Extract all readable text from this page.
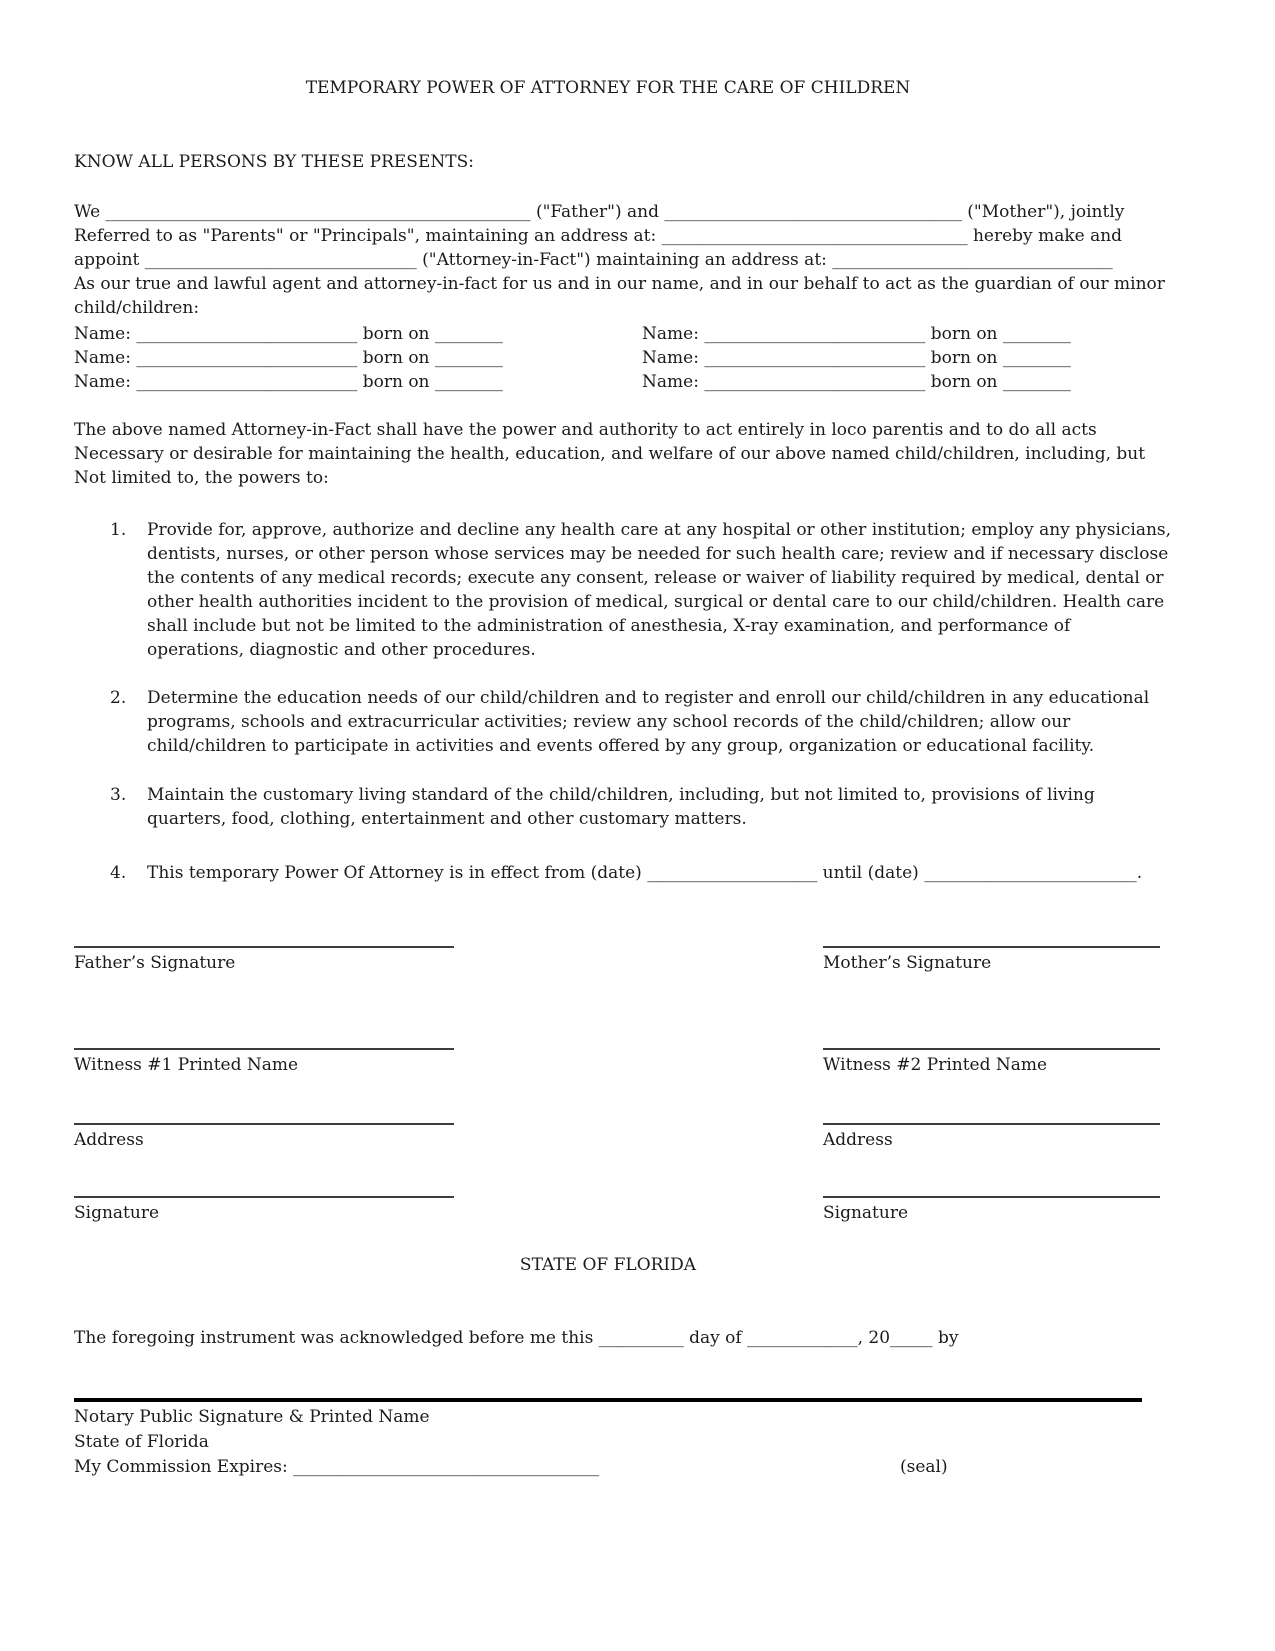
TEMPORARY POWER OF ATTORNEY FOR THE CARE OF CHILDREN
KNOW ALL PERSONS BY THESE PRESENTS:
We __________________________________________________ ("Father") and ___________________________________ ("Mother"), jointly
Referred to as "Parents" or "Principals", maintaining an address at: ____________________________________ hereby make and
appoint ________________________________ ("Attorney-in-Fact") maintaining an address at: _________________________________
As our true and lawful agent and attorney-in-fact for us and in our name, and in our behalf to act as the guardian of our minor
child/children:
Name: __________________________ born on ________	Name: __________________________ born on ________
Name: __________________________ born on ________	Name: __________________________ born on ________
Name: __________________________ born on ________	Name: __________________________ born on ________
The above named Attorney-in-Fact shall have the power and authority to act entirely in loco parentis and to do all acts
Necessary or desirable for maintaining the health, education, and welfare of our above named child/children, including, but
Not limited to, the powers to:
1. Provide for, approve, authorize and decline any health care at any hospital or other institution; employ any physicians,
dentists, nurses, or other person whose services may be needed for such health care; review and if necessary disclose
the contents of any medical records; execute any consent, release or waiver of liability required by medical, dental or
other health authorities incident to the provision of medical, surgical or dental care to our child/children. Health care
shall include but not be limited to the administration of anesthesia, X-ray examination, and performance of
operations, diagnostic and other procedures.
2. Determine the education needs of our child/children and to register and enroll our child/children in any educational
programs, schools and extracurricular activities; review any school records of the child/children; allow our
child/children to participate in activities and events offered by any group, organization or educational facility.
3. Maintain the customary living standard of the child/children, including, but not limited to, provisions of living
quarters, food, clothing, entertainment and other customary matters.
4. This temporary Power Of Attorney is in effect from (date) ____________________ until (date) _________________________.
Father’s Signature	Mother’s Signature
Witness #1 Printed Name	Witness #2 Printed Name
Address	Address
Signature	Signature
STATE OF FLORIDA
The foregoing instrument was acknowledged before me this __________ day of _____________, 20_____ by
Notary Public Signature & Printed Name
State of Florida
My Commission Expires: ____________________________________	(seal)
